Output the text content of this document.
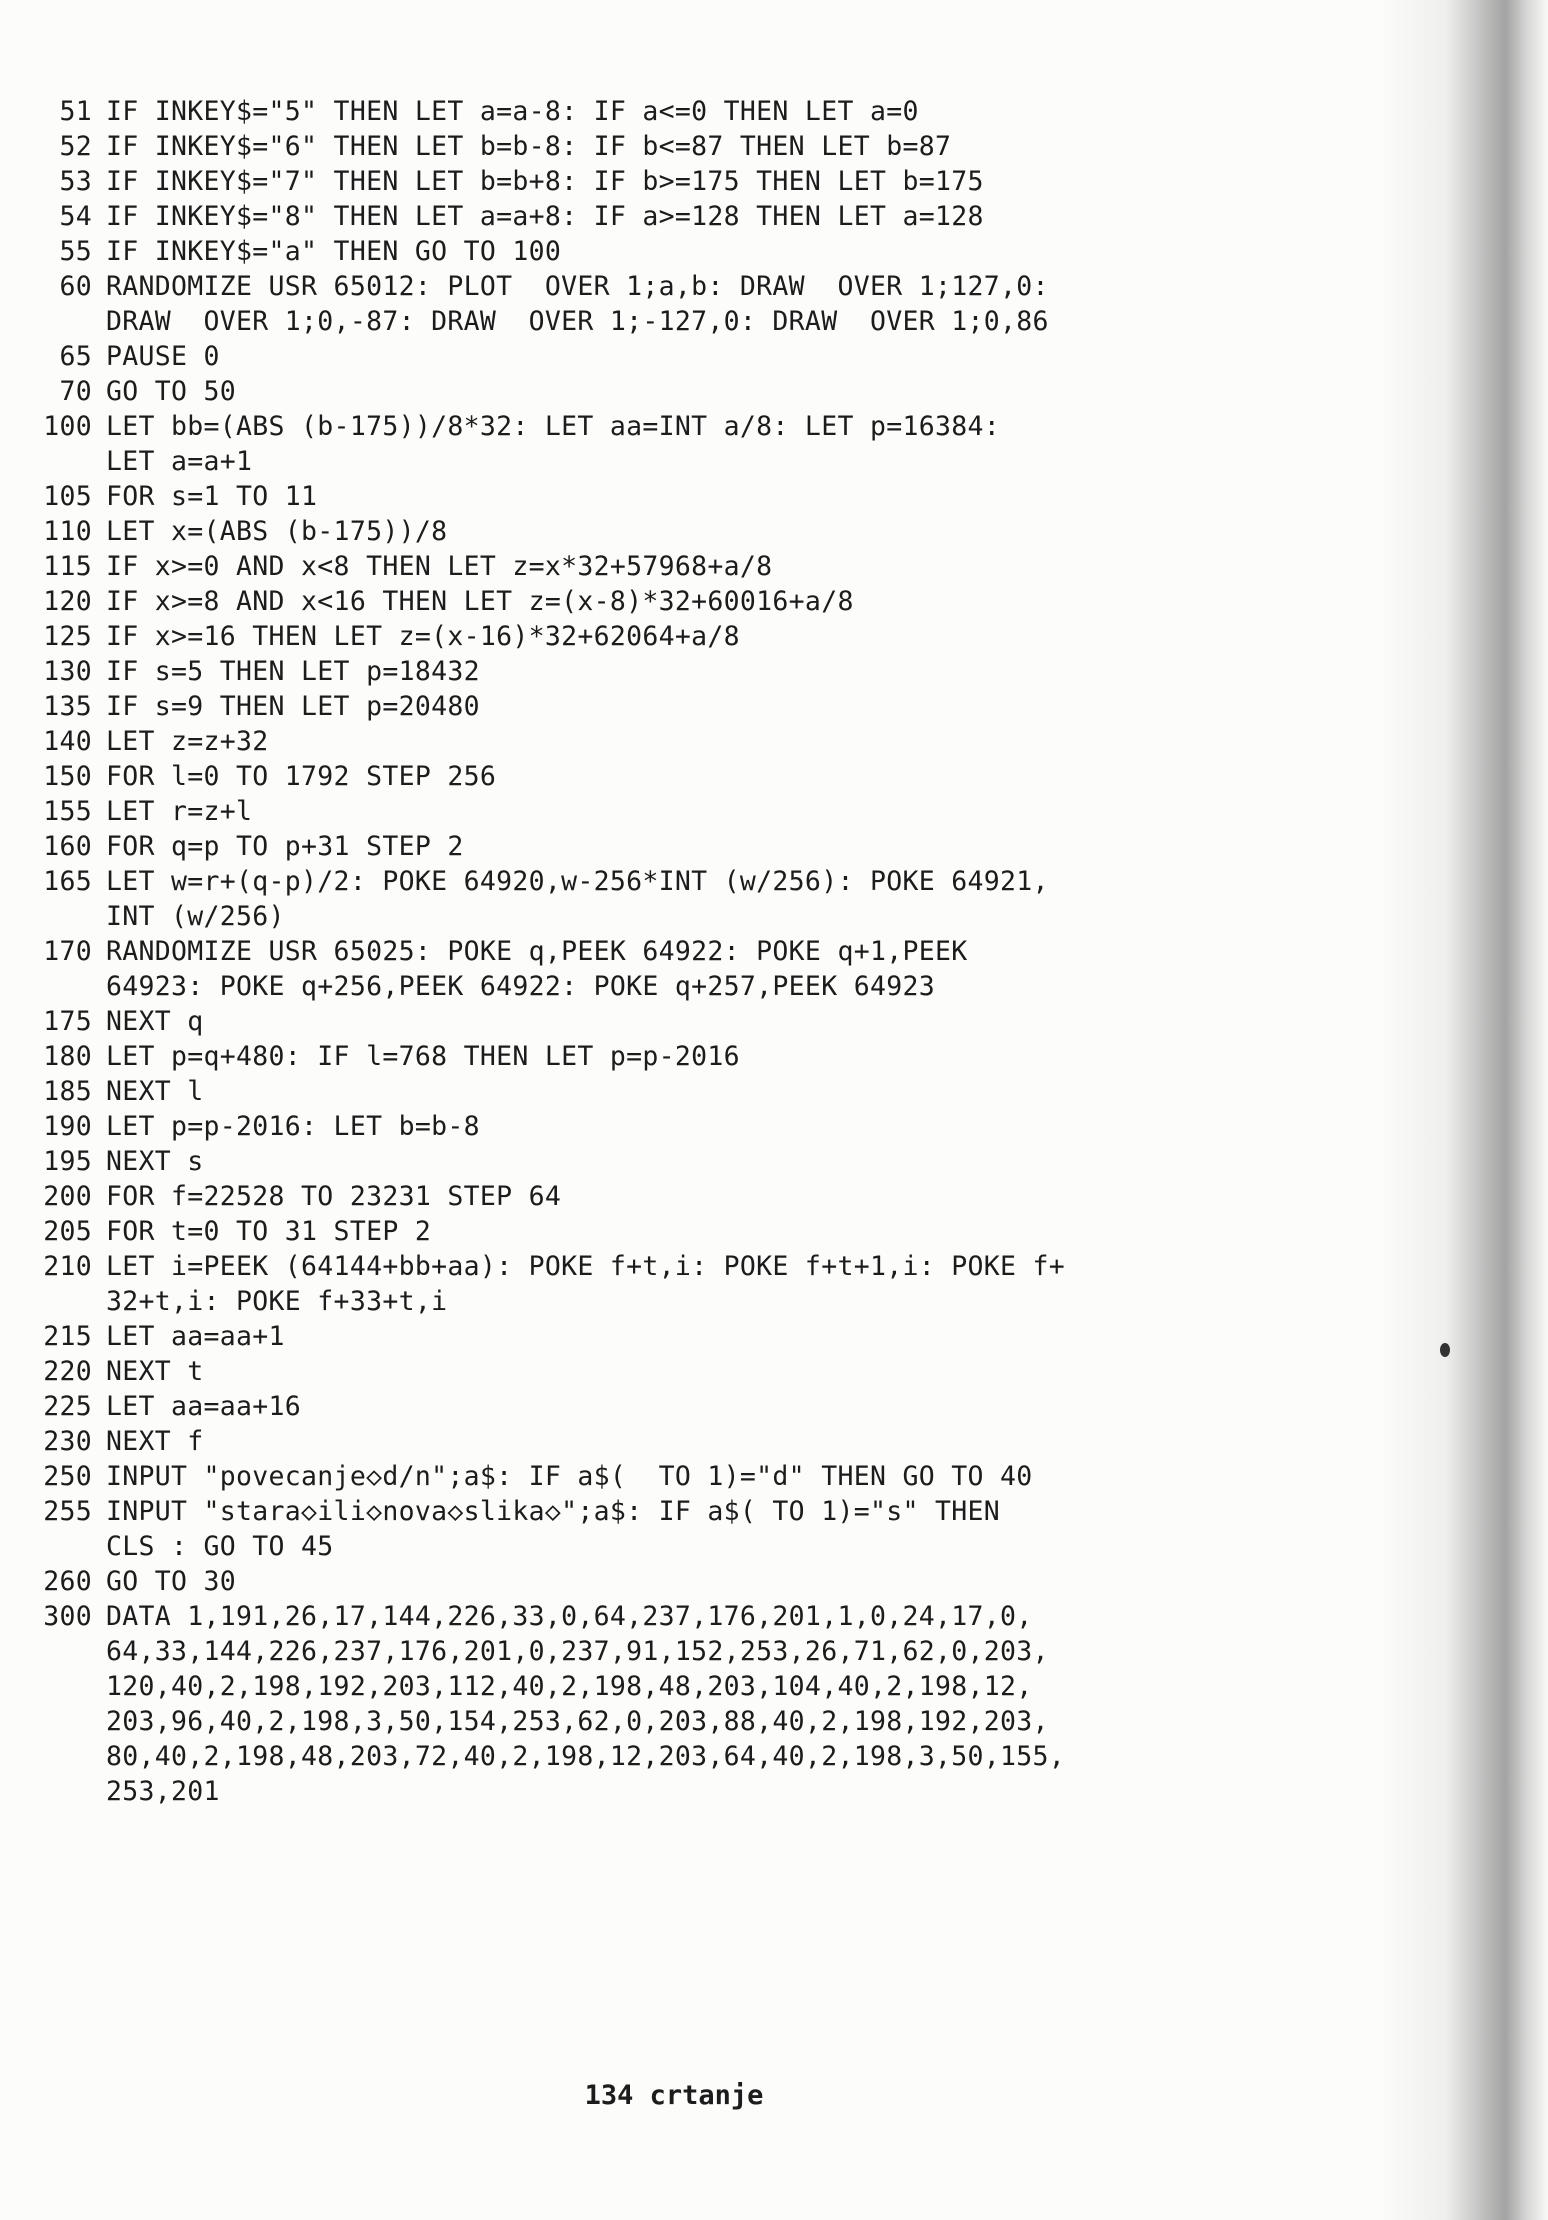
51 IF INKEY$="5" THEN LET a=a-8: IF a<=0 THEN LET a=0
52 IF INKEY$="6" THEN LET b=b-8: IF b<=87 THEN LET b=87
53 IF INKEY$="7" THEN LET b=b+8: IF b>=175 THEN LET b=175
54 IF INKEY$="8" THEN LET a=a+8: IF a>=128 THEN LET a=128
55 IF INKEY$="a" THEN GO TO 100
60 RANDOMIZE USR 65012: PLOT  OVER 1;a,b: DRAW  OVER 1;127,0:
DRAW  OVER 1;0,-87: DRAW  OVER 1;-127,0: DRAW  OVER 1;0,86
65 PAUSE 0
70 GO TO 50
100 LET bb=(ABS (b-175))/8*32: LET aa=INT a/8: LET p=16384:
LET a=a+1
105 FOR s=1 TO 11
110 LET x=(ABS (b-175))/8
115 IF x>=0 AND x<8 THEN LET z=x*32+57968+a/8
120 IF x>=8 AND x<16 THEN LET z=(x-8)*32+60016+a/8
125 IF x>=16 THEN LET z=(x-16)*32+62064+a/8
130 IF s=5 THEN LET p=18432
135 IF s=9 THEN LET p=20480
140 LET z=z+32
150 FOR l=0 TO 1792 STEP 256
155 LET r=z+l
160 FOR q=p TO p+31 STEP 2
165 LET w=r+(q-p)/2: POKE 64920,w-256*INT (w/256): POKE 64921,
INT (w/256)
170 RANDOMIZE USR 65025: POKE q,PEEK 64922: POKE q+1,PEEK
64923: POKE q+256,PEEK 64922: POKE q+257,PEEK 64923
175 NEXT q
180 LET p=q+480: IF l=768 THEN LET p=p-2016
185 NEXT l
190 LET p=p-2016: LET b=b-8
195 NEXT s
200 FOR f=22528 TO 23231 STEP 64
205 FOR t=0 TO 31 STEP 2
210 LET i=PEEK (64144+bb+aa): POKE f+t,i: POKE f+t+1,i: POKE f+
32+t,i: POKE f+33+t,i
215 LET aa=aa+1
220 NEXT t
225 LET aa=aa+16
230 NEXT f
250 INPUT "povecanje◇d/n";a$: IF a$(  TO 1)="d" THEN GO TO 40
255 INPUT "stara◇ili◇nova◇slika◇";a$: IF a$( TO 1)="s" THEN
CLS : GO TO 45
260 GO TO 30
300 DATA 1,191,26,17,144,226,33,0,64,237,176,201,1,0,24,17,0,
64,33,144,226,237,176,201,0,237,91,152,253,26,71,62,0,203,
120,40,2,198,192,203,112,40,2,198,48,203,104,40,2,198,12,
203,96,40,2,198,3,50,154,253,62,0,203,88,40,2,198,192,203,
80,40,2,198,48,203,72,40,2,198,12,203,64,40,2,198,3,50,155,
253,201
134 crtanje
